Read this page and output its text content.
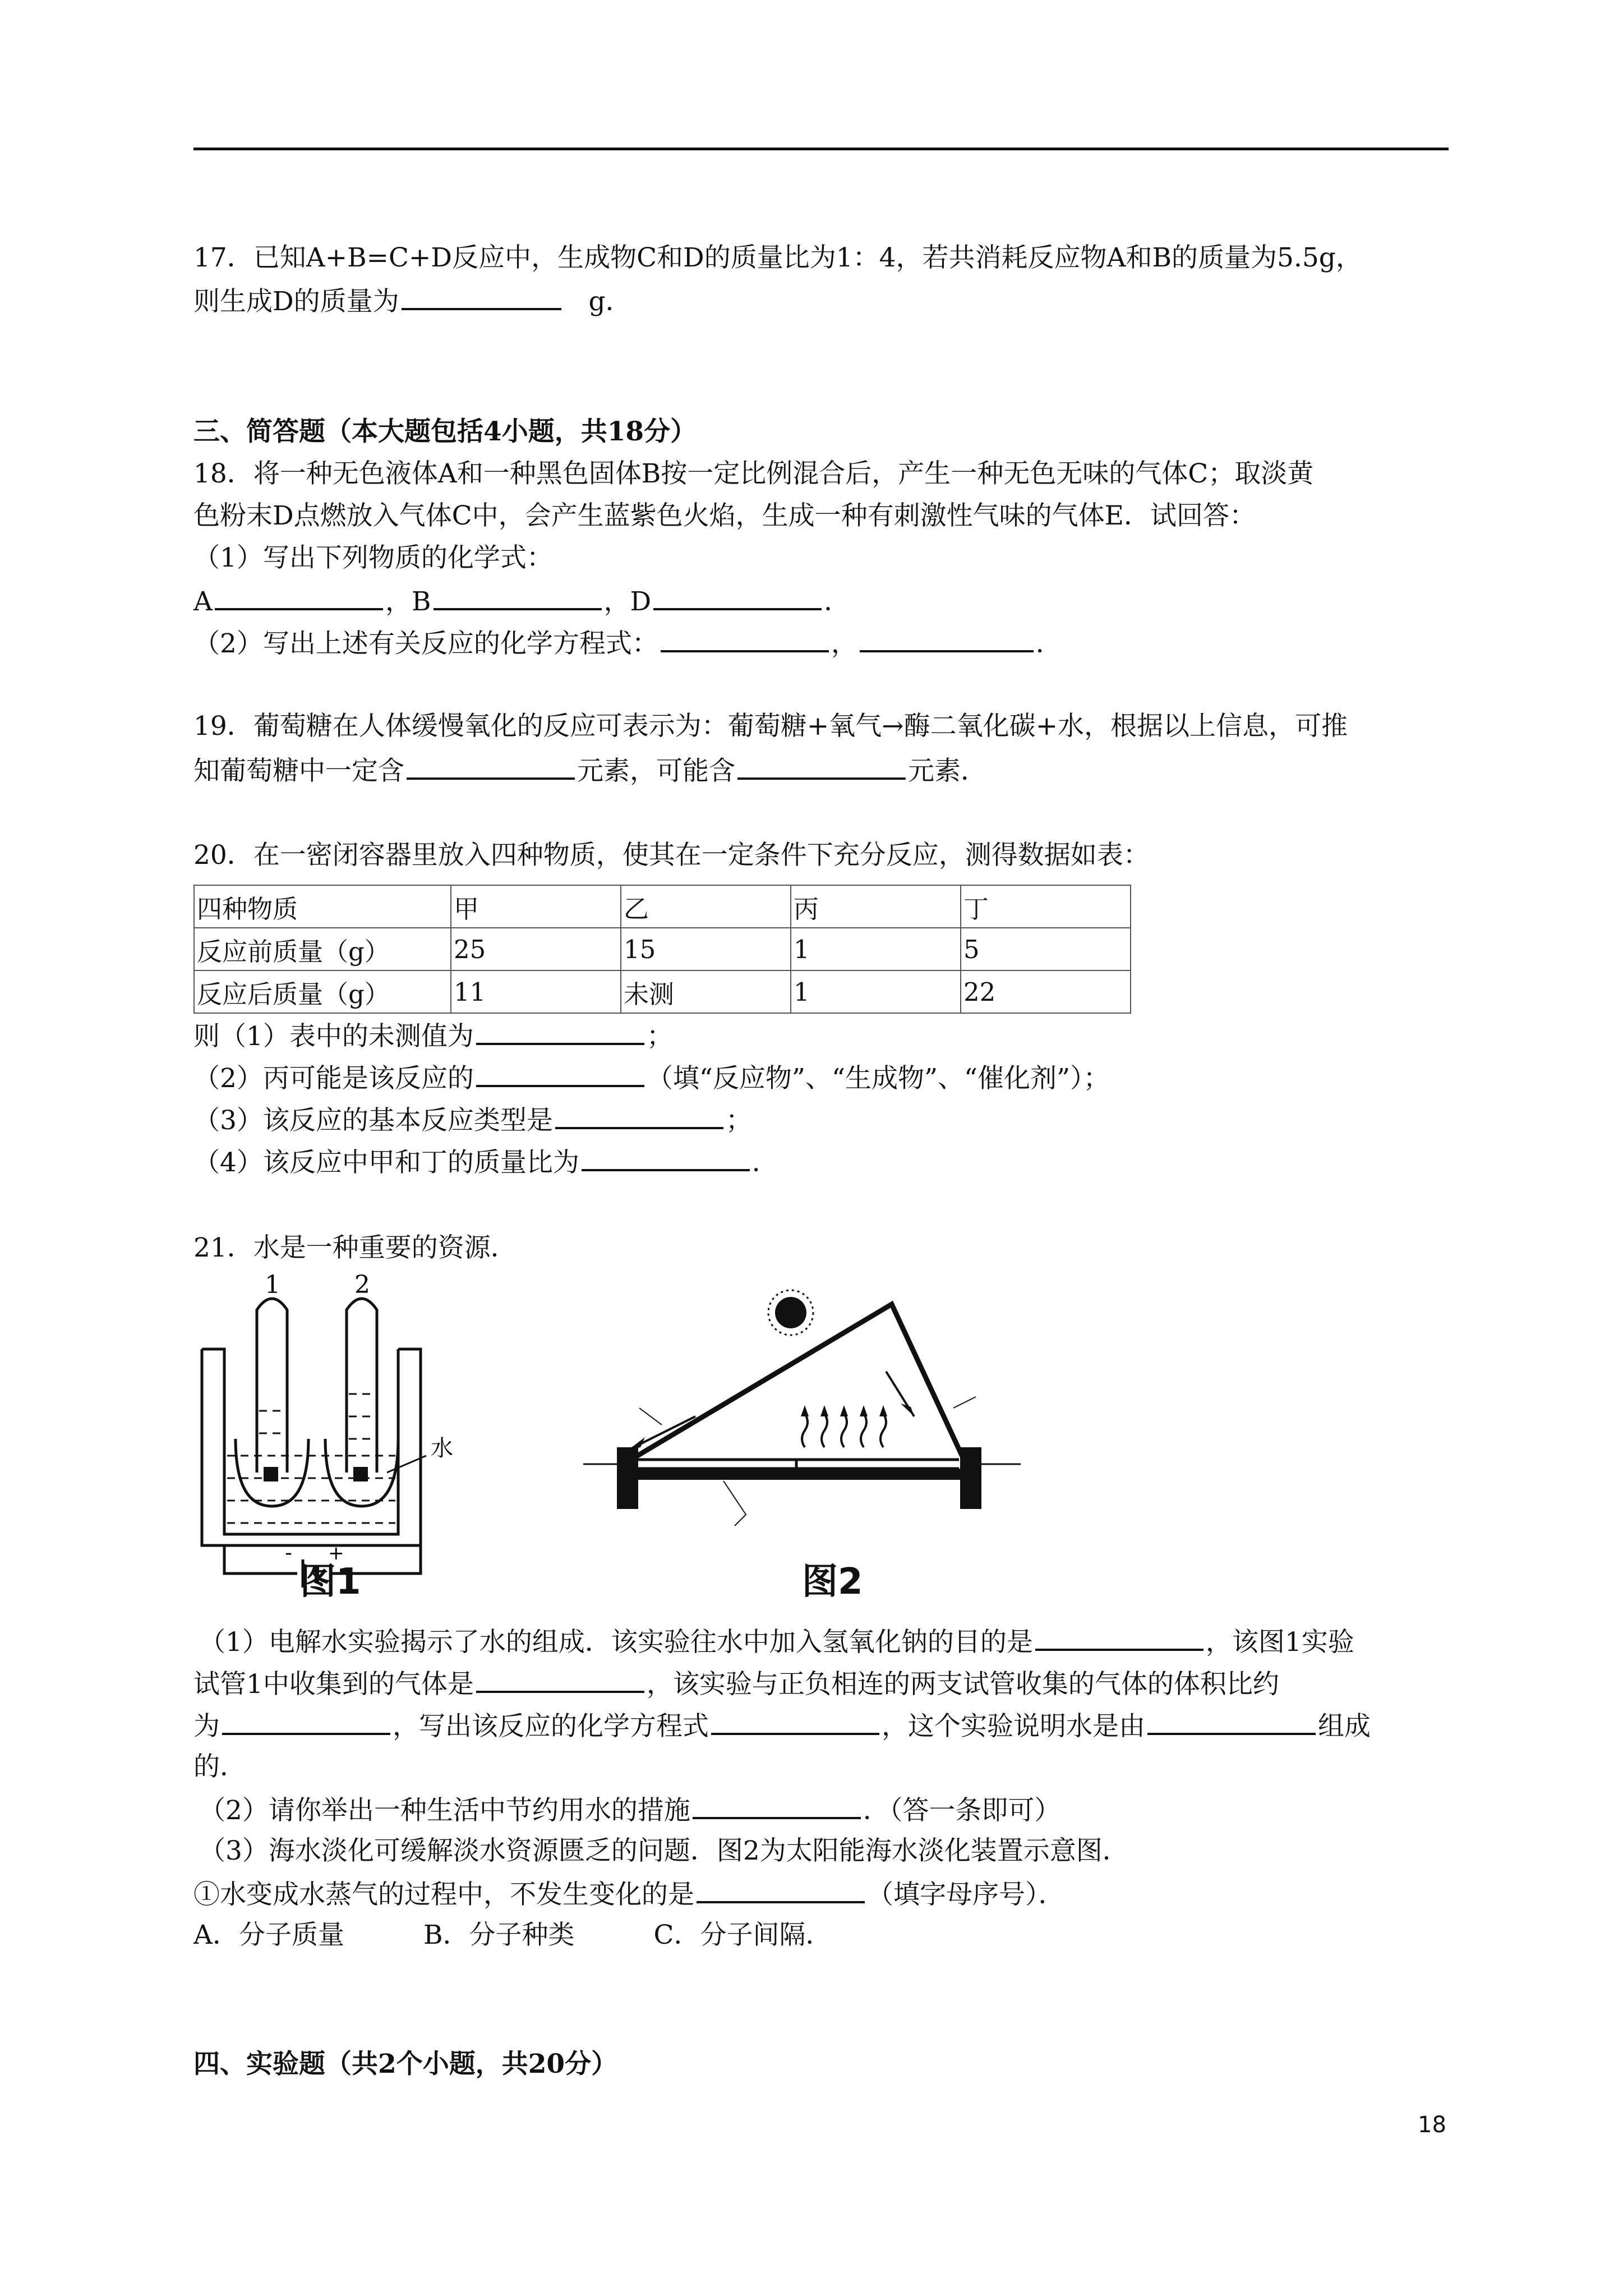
17．已知A+B=C+D反应中，生成物C和D的质量比为1：4，若共消耗反应物A和B的质量为5.5g，
则生成D的质量为	g．
三、简答题（本大题包括4小题，共18分）
18．将一种无色液体A和一种黑色固体B按一定比例混合后，产生一种无色无味的气体C；取淡黄
色粉末D点燃放入气体C中，会产生蓝紫色火焰，生成一种有刺激性气味的气体E．试回答：
（1）写出下列物质的化学式：
A	，B	，D	．
（2）写出上述有关反应的化学方程式：	，	．
19．葡萄糖在人体缓慢氧化的反应可表示为：葡萄糖+氧气→酶二氧化碳+水，根据以上信息，可推
知葡萄糖中一定含	元素，可能含	元素．
20．在一密闭容器里放入四种物质，使其在一定条件下充分反应，测得数据如表：
四种物质	甲	乙	丙	丁
反应前质量（g）	25	15	1	5
反应后质量（g）	11	未测	1	22
则（1）表中的未测值为	；
（2）丙可能是该反应的	（填“反应物”、“生成物”、“催化剂”）；
（3）该反应的基本反应类型是	；
（4）该反应中甲和丁的质量比为	．
21．水是一种重要的资源．
1	2
水
- +
图1	图2
（1）电解水实验揭示了水的组成．该实验往水中加入氢氧化钠的目的是	，该图1实验
试管1中收集到的气体是	，该实验与正负相连的两支试管收集的气体的体积比约
为	，写出该反应的化学方程式	，这个实验说明水是由	组成
的．
（2）请你举出一种生活中节约用水的措施	．（答一条即可）
（3）海水淡化可缓解淡水资源匮乏的问题．图2为太阳能海水淡化装置示意图．
①水变成水蒸气的过程中，不发生变化的是	（填字母序号）．
A．分子质量　　　B．分子种类　　　C．分子间隔．
四、实验题（共2个小题，共20分）
18
